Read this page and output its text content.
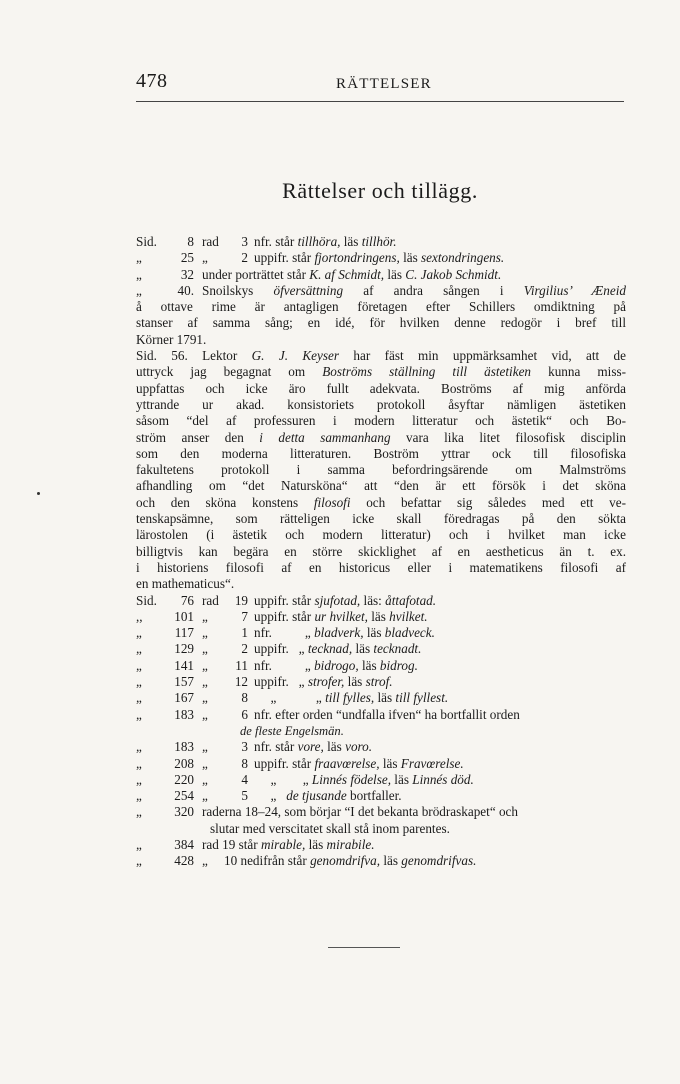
478	RÄTTELSER
Rättelser och tillägg.
Sid.	8 rad	3 nfr. står tillhöra, läs tillhör.
„	25 „	2 uppifr. står fjortondringens, läs sextondringens.
„	32 under porträttet står K. af Schmidt, läs C. Jakob Schmidt.
„	40. Snoilskys öfversättning af andra sången i Virgilius’ Æneid
å ottave rime är antagligen företagen efter Schillers omdiktning på
stanser af samma sång; en idé, för hvilken denne redogör i bref till
Körner 1791.
Sid. 56. Lektor G. J. Keyser har fäst min uppmärksamhet vid, att de
uttryck jag begagnat om Boströms ställning till ästetiken kunna miss-
uppfattas och icke äro fullt adekvata. Boströms af mig anförda
yttrande ur akad. konsistoriets protokoll åsyftar nämligen ästetiken
såsom “del af professuren i modern litteratur och ästetik“ och Bo-
ström anser den i detta sammanhang vara lika litet filosofisk disciplin
som den moderna litteraturen. Boström yttrar ock till filosofiska
fakultetens protokoll i samma befordringsärende om Malmströms
afhandling om “det Natursköna“ att “den är ett försök i det sköna
och den sköna konstens filosofi och befattar sig således med ett ve-
tenskapsämne, som rätteligen icke skall föredragas på den sökta
lärostolen (i ästetik och modern litteratur) och i hvilket man icke
billigtvis kan begära en större skicklighet af en aestheticus än t. ex.
i historiens filosofi af en historicus eller i matematikens filosofi af
en mathematicus“.
Sid.	76 rad	19 uppifr. står sjufotad, läs: åttafotad.
,,	101 „	7 uppifr. står ur hvilket, läs hvilket.
„	117 „	1 nfr.          „ bladverk, läs bladveck.
„	129 „	2 uppifr.   „ tecknad, läs tecknadt.
„	141 „	11 nfr.          „ bidrogo, läs bidrog.
„	157 „	12 uppifr.   „ strofer, läs strof.
„	167 „	8 „            „ till fylles, läs till fyllest.
„	183 „	6 nfr. efter orden “undfalla ifven“ ha bortfallit orden
de fleste Engelsmän.
„	183 „	3 nfr. står vore, läs voro.
„	208 „	8 uppifr. står fraavœrelse, läs Fravœrelse.
„	220 „	4 „        „ Linnés födelse, läs Linnés död.
„	254 „	5 „   de tjusande bortfaller.
„	320 raderna 18–24, som börjar “I det bekanta brödraskapet“ och
slutar med verscitatet skall stå inom parentes.
„	384 rad 19 står mirable, läs mirabile.
„	428 „	10 nedifrån står genomdrifva, läs genomdrifvas.
